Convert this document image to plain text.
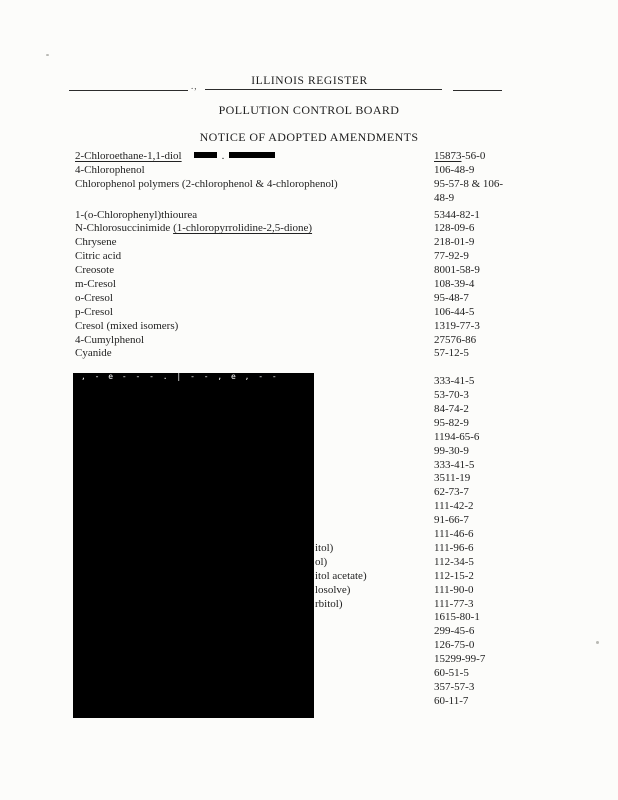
.,	ILLINOIS REGISTER
POLLUTION CONTROL BOARD
NOTICE OF ADOPTED AMENDMENTS
2-Chloroethane-1,1-diol	.	15873-56-0
4-Chlorophenol	106-48-9
Chlorophenol polymers (2-chlorophenol & 4-chlorophenol)	95-57-8 & 106-
48-9
1-(o-Chlorophenyl)thiourea	5344-82-1
N-Chlorosuccinimide (1-chloropyrrolidine-2,5-dione)	128-09-6
Chrysene	218-01-9
Citric acid	77-92-9
Creosote	8001-58-9
m-Cresol	108-39-4
o-Cresol	95-48-7
p-Cresol	106-44-5
Cresol (mixed isomers)	1319-77-3
4-Cumylphenol	27576-86
Cyanide	57-12-5
333-41-5
53-70-3
84-74-2
95-82-9
1194-65-6
99-30-9
333-41-5
3511-19
62-73-7
111-42-2
91-66-7
111-46-6
itol)	111-96-6
ol)	112-34-5
itol acetate)	112-15-2
losolve)	111-90-0
rbitol)	111-77-3
1615-80-1
299-45-6
126-75-0
15299-99-7
60-51-5
357-57-3
60-11-7
, - e - - - . | - - , e , - -
